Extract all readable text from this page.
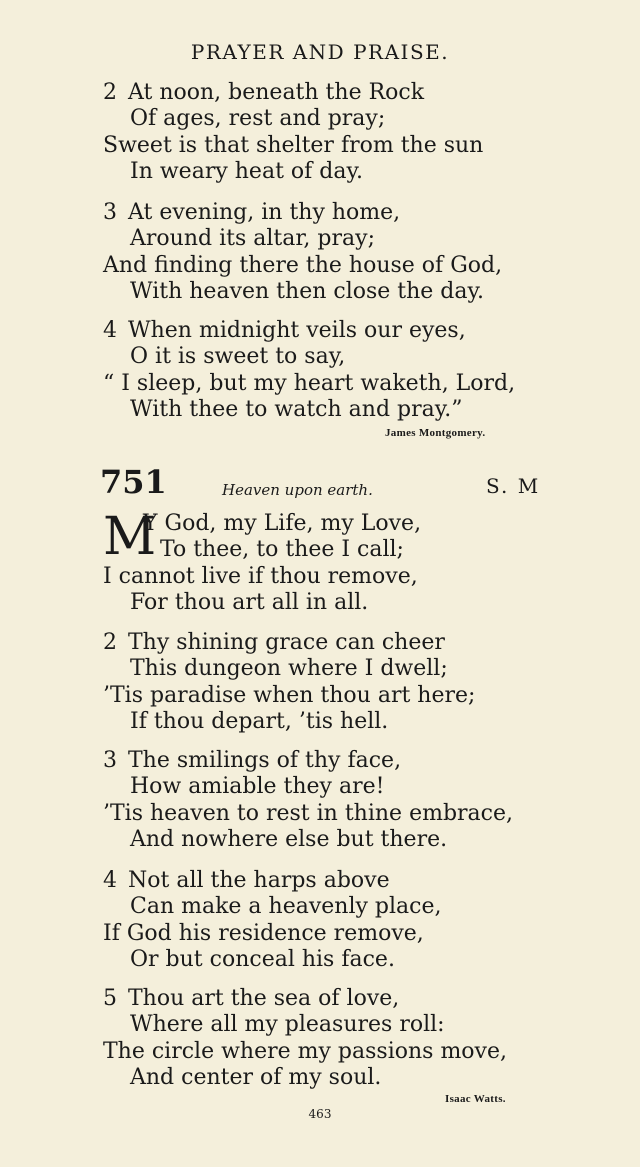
PRAYER AND PRAISE.
2 At noon, beneath the Rock
Of ages, rest and pray;
Sweet is that shelter from the sun
In weary heat of day.
3 At evening, in thy home,
Around its altar, pray;
And finding there the house of God,
With heaven then close the day.
4 When midnight veils our eyes,
O it is sweet to say,
“ I sleep, but my heart waketh, Lord,
With thee to watch and pray.”
James Montgomery.
751	Heaven upon earth.	S. M
M
Y God, my Life, my Love,
To thee, to thee I call;
I cannot live if thou remove,
For thou art all in all.
2 Thy shining grace can cheer
This dungeon where I dwell;
’Tis paradise when thou art here;
If thou depart, ’tis hell.
3 The smilings of thy face,
How amiable they are!
’Tis heaven to rest in thine embrace,
And nowhere else but there.
4 Not all the harps above
Can make a heavenly place,
If God his residence remove,
Or but conceal his face.
5 Thou art the sea of love,
Where all my pleasures roll:
The circle where my passions move,
And center of my soul.
Isaac Watts.
463
